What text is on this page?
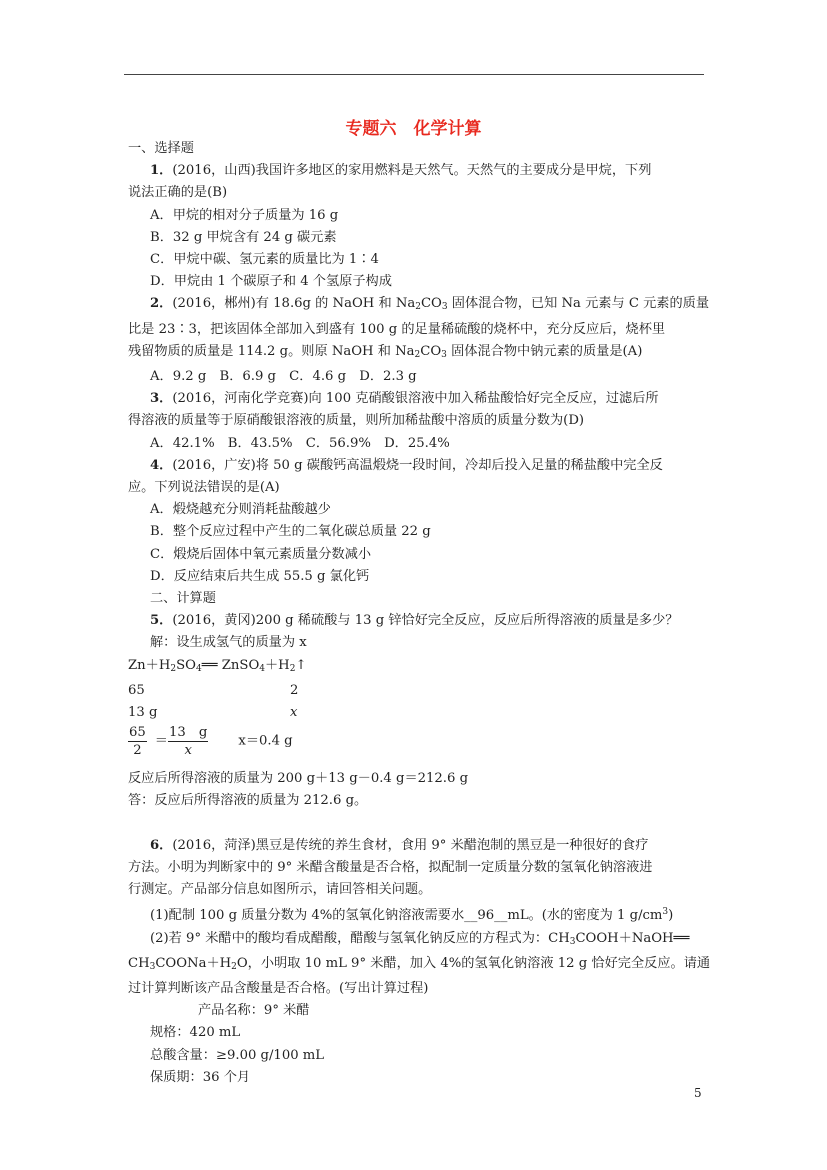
专题六　化学计算
一、选择题
1．(2016，山西)我国许多地区的家用燃料是天然气。天然气的主要成分是甲烷，下列
说法正确的是(B)
A．甲烷的相对分子质量为 16 g
B．32 g 甲烷含有 24 g 碳元素
C．甲烷中碳、氢元素的质量比为 1∶4
D．甲烷由 1 个碳原子和 4 个氢原子构成
2．(2016，郴州)有 18.6g 的 NaOH 和 $Na_2CO_3$ 固体混合物，已知 Na 元素与 C 元素的质量
比是 23∶3，把该固体全部加入到盛有 100 g 的足量稀硫酸的烧杯中，充分反应后，烧杯里
残留物质的质量是 114.2 g。则原 NaOH 和 $Na_2CO_3$ 固体混合物中钠元素的质量是(A)
A．9.2 g　B．6.9 g　C．4.6 g　D．2.3 g
3．(2016，河南化学竞赛)向 100 克硝酸银溶液中加入稀盐酸恰好完全反应，过滤后所
得溶液的质量等于原硝酸银溶液的质量，则所加稀盐酸中溶质的质量分数为(D)
A．42.1%　B．43.5%　C．56.9%　D．25.4%
4．(2016，广安)将 50 g 碳酸钙高温煅烧一段时间，冷却后投入足量的稀盐酸中完全反
应。下列说法错误的是(A)
A．煅烧越充分则消耗盐酸越少
B．整个反应过程中产生的二氧化碳总质量 22 g
C．煅烧后固体中氧元素质量分数减小
D．反应结束后共生成 55.5 g 氯化钙
二、计算题
5．(2016，黄冈)200 g 稀硫酸与 13 g 锌恰好完全反应，反应后所得溶液的质量是多少？
解：设生成氢气的质量为 x
$Zn+H_2SO_4══$ $ZnSO_4+H_2↑$
65	2
13 g	x
$\frac{65}{2} = \frac{13 g}{x} x=0.4$ g
反应后所得溶液的质量为 200 g＋13 g－0.4 g＝212.6 g
答：反应后所得溶液的质量为 212.6 g。
6．(2016，菏泽)黑豆是传统的养生食材，食用 9° 米醋泡制的黑豆是一种很好的食疗
方法。小明为判断家中的 9° 米醋含酸量是否合格，拟配制一定质量分数的氢氧化钠溶液进
行测定。产品部分信息如图所示，请回答相关问题。
(1)配制 100 g 质量分数为 4%的氢氧化钠溶液需要水__96__mL。(水的密度为 1 $g/cm^3$)
(2)若 9° 米醋中的酸均看成醋酸，醋酸与氢氧化钠反应的方程式为：$CH_3COOH+NaOH══$
$CH_3COONa+H_2O$，小明取 10 mL 9° 米醋，加入 4%的氢氧化钠溶液 12 g 恰好完全反应。请通
过计算判断该产品含酸量是否合格。(写出计算过程)
产品名称：9° 米醋
规格：420 mL
总酸含量：≥9.00 g/100 mL
保质期：36 个月
5
